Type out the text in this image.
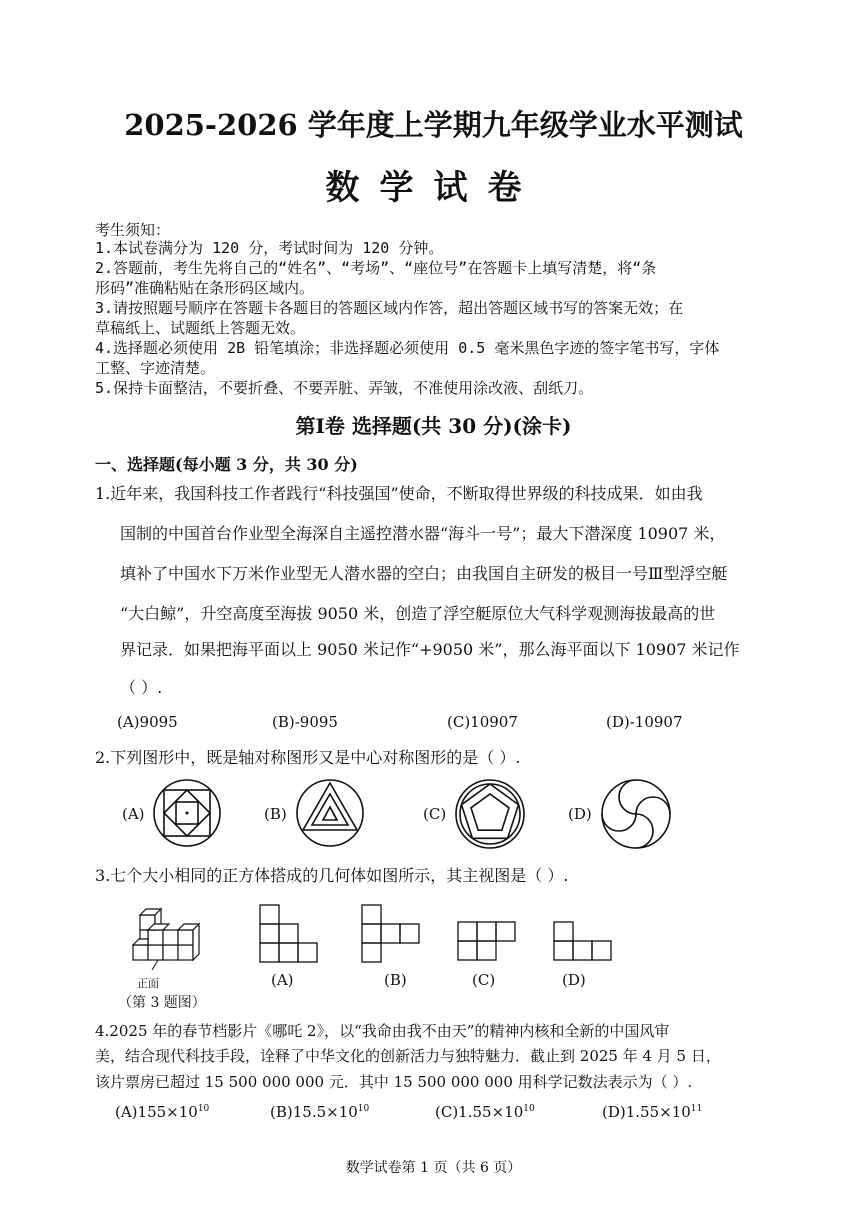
2025-2026 学年度上学期九年级学业水平测试
数学试卷
考生须知：
1.本试卷满分为 120 分，考试时间为 120 分钟。
2.答题前，考生先将自己的“姓名”、“考场”、“座位号”在答题卡上填写清楚，将“条
形码”准确粘贴在条形码区域内。
3.请按照题号顺序在答题卡各题目的答题区域内作答，超出答题区域书写的答案无效；在
草稿纸上、试题纸上答题无效。
4.选择题必须使用 2B 铅笔填涂；非选择题必须使用 0.5 毫米黑色字迹的签字笔书写，字体
工整、字迹清楚。
5.保持卡面整洁，不要折叠、不要弄脏、弄皱，不准使用涂改液、刮纸刀。
第Ⅰ卷 选择题(共 30 分)(涂卡)
一、选择题(每小题 3 分，共 30 分)
1.近年来，我国科技工作者践行“科技强国”使命，不断取得世界级的科技成果．如由我
国制的中国首台作业型全海深自主遥控潜水器“海斗一号”；最大下潜深度 10907 米，
填补了中国水下万米作业型无人潜水器的空白；由我国自主研发的极目一号Ⅲ型浮空艇
“大白鲸”，升空高度至海拔 9050 米，创造了浮空艇原位大气科学观测海拔最高的世
界记录．如果把海平面以上 9050 米记作“+9050 米”，那么海平面以下 10907 米记作
（ ）.
(A)9095	(B)-9095	(C)10907	(D)-10907
2.下列图形中，既是轴对称图形又是中心对称图形的是（ ）.
(A)	(B)	(C)	(D)
3.七个大小相同的正方体搭成的几何体如图所示，其主视图是（ ）.
正面
（第 3 题图）
(A)	(B)	(C)	(D)
4.2025 年的春节档影片《哪吒 2》，以“我命由我不由天”的精神内核和全新的中国风审
美，结合现代科技手段，诠释了中华文化的创新活力与独特魅力．截止到 2025 年 4 月 5 日，
该片票房已超过 15 500 000 000 元．其中 15 500 000 000 用科学记数法表示为（ ）.
$(A)155\times 10^{10}$	$(B)15.5\times 10^{10}$	$(C)1.55\times 10^{10}$	$(D)1.55\times 10^{11}$
数学试卷第 1 页（共 6 页）
